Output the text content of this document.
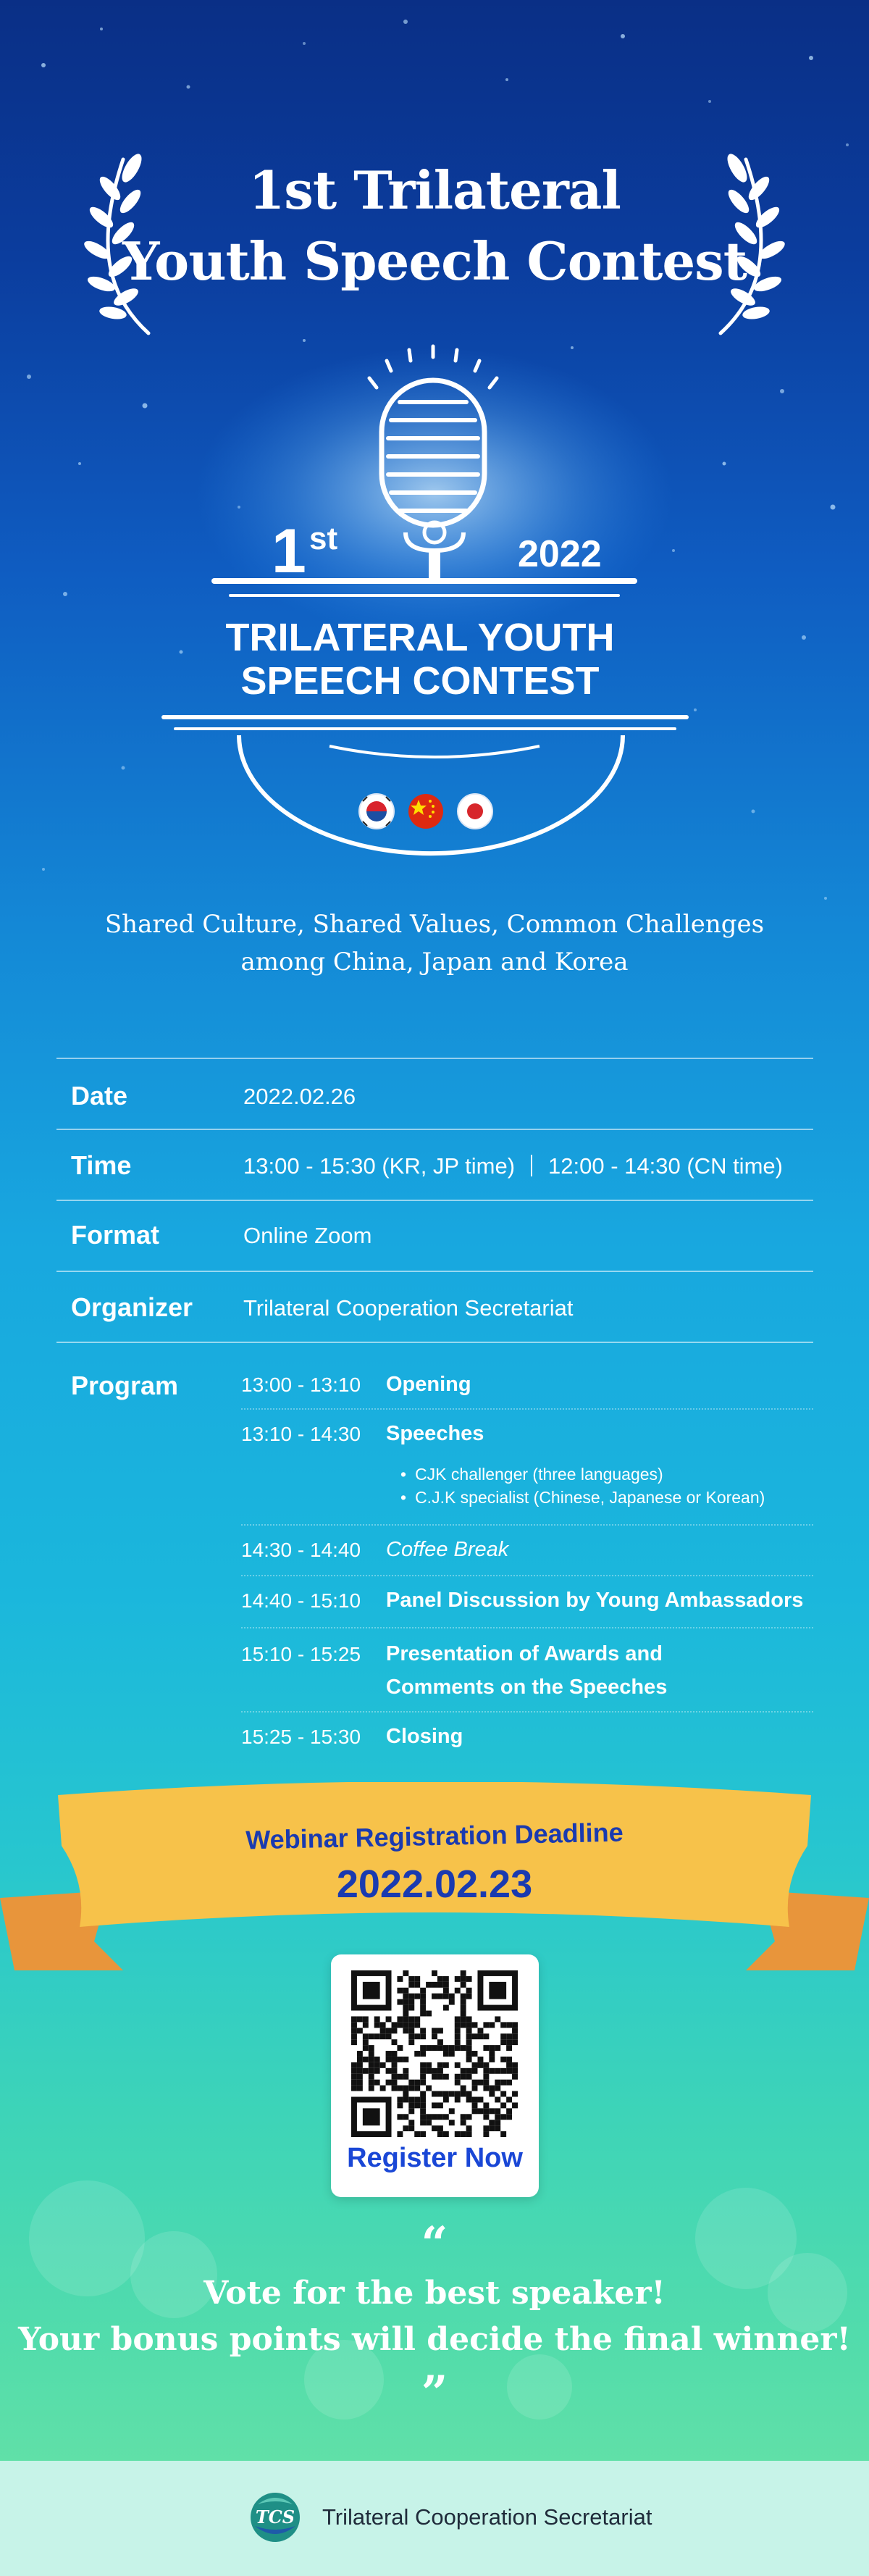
1st Trilateral
Youth Speech Contest
1 st	2022
TRILATERAL YOUTH
SPEECH CONTEST
Shared Culture, Shared Values, Common Challenges
among China, Japan and Korea
Date	2022.02.26
Time	13:00 - 15:30 (KR, JP time) 12:00 - 14:30 (CN time)
Format	Online Zoom
Organizer Trilateral Cooperation Secretariat
Program	13:00 - 13:10 Opening
13:10 - 14:30 Speeches
• CJK challenger (three languages)
• C.J.K specialist (Chinese, Japanese or Korean)
14:30 - 14:40 Coffee Break
14:40 - 15:10 Panel Discussion by Young Ambassadors
15:10 - 15:25 Presentation of Awards and
Comments on the Speeches
15:25 - 15:30 Closing
Webinar Registration Deadline
2022.02.23
Register Now
“
Vote for the best speaker!
Your bonus points will decide the final winner!
”
TCS Trilateral Cooperation Secretariat
